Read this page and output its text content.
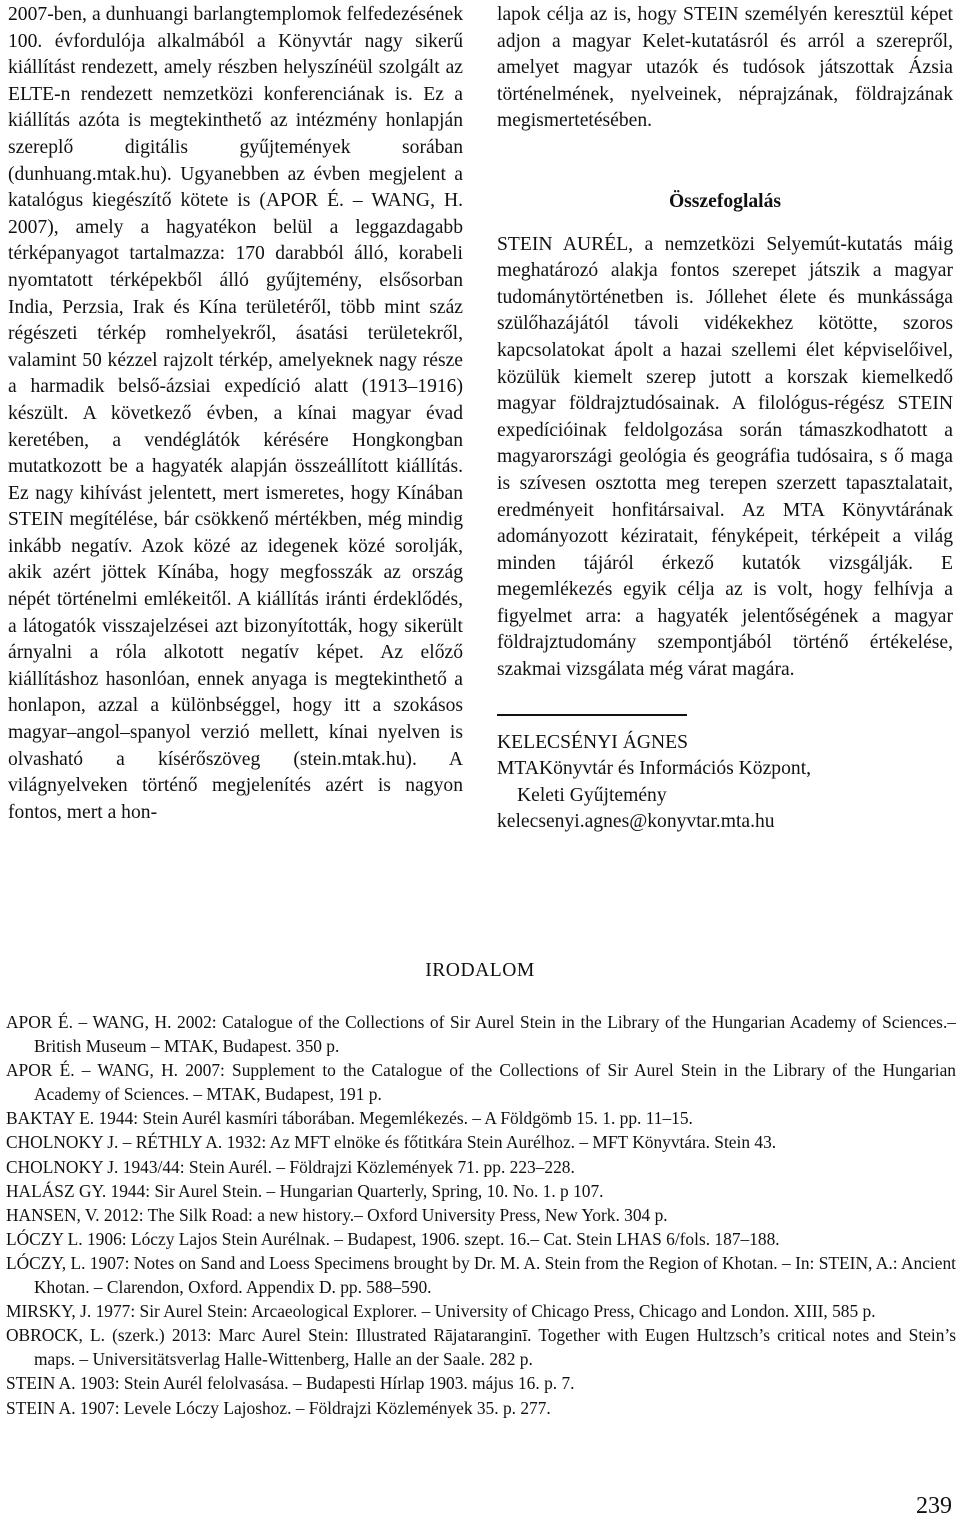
2007-ben, a dunhuangi barlangtemplomok felfedezésének 100. évfordulója alkalmából a Könyvtár nagy sikerű kiállítást rendezett, amely részben helyszínéül szolgált az ELTE-n rendezett nemzetközi konferenciának is. Ez a kiállítás azóta is megtekinthető az intézmény honlapján szereplő digitális gyűjtemények sorában (dunhuang.mtak.hu). Ugyanebben az évben megjelent a katalógus kiegészítő kötete is (APOR É. – WANG, H. 2007), amely a hagyatékon belül a leggazdagabb térképanyagot tartalmazza: 170 darabból álló, korabeli nyomtatott térképekből álló gyűjtemény, elsősorban India, Perzsia, Irak és Kína területéről, több mint száz régészeti térkép romhelyekről, ásatási területekről, valamint 50 kézzel rajzolt térkép, amelyeknek nagy része a harmadik belső-ázsiai expedíció alatt (1913–1916) készült. A következő évben, a kínai magyar évad keretében, a vendéglátók kérésére Hongkongban mutatkozott be a hagyaték alapján összeállított kiállítás. Ez nagy kihívást jelentett, mert ismeretes, hogy Kínában STEIN megítélése, bár csökkenő mértékben, még mindig inkább negatív. Azok közé az idegenek közé sorolják, akik azért jöttek Kínába, hogy megfosszák az ország népét történelmi emlékeitől. A kiállítás iránti érdeklődés, a látogatók visszajelzései azt bizonyították, hogy sikerült árnyalni a róla alkotott negatív képet. Az előző kiállításhoz hasonlóan, ennek anyaga is megtekinthető a honlapon, azzal a különbséggel, hogy itt a szokásos magyar–angol–spanyol verzió mellett, kínai nyelven is olvasható a kísérőszöveg (stein.mtak.hu). A világnyelveken történő megjelenítés azért is nagyon fontos, mert a hon-

lapok célja az is, hogy STEIN személyén keresztül képet adjon a magyar Kelet-kutatásról és arról a szerepről, amelyet magyar utazók és tudósok játszottak Ázsia történelmének, nyelveinek, néprajzának, földrajzának megismertetésében.

Összefoglalás

STEIN AURÉL, a nemzetközi Selyemút-kutatás máig meghatározó alakja fontos szerepet játszik a magyar tudománytörténetben is. Jóllehet élete és munkássága szülőhazájától távoli vidékekhez kötötte, szoros kapcsolatokat ápolt a hazai szellemi élet képviselőivel, közülük kiemelt szerep jutott a korszak kiemelkedő magyar földrajztudósainak. A filológus-régész STEIN expedícióinak feldolgozása során támaszkodhatott a magyarországi geológia és geográfia tudósaira, s ő maga is szívesen osztotta meg terepen szerzett tapasztalatait, eredményeit honfitársaival. Az MTA Könyvtárának adományozott kéziratait, fényképeit, térképeit a világ minden tájáról érkező kutatók vizsgálják. E megemlékezés egyik célja az is volt, hogy felhívja a figyelmet arra: a hagyaték jelentőségének a magyar földrajztudomány szempontjából történő értékelése, szakmai vizsgálata még várat magára.

KELECSÉNYI ÁGNES

MTAKönyvtár és Információs Központ,

Keleti Gyűjtemény

kelecsenyi.agnes@konyvtar.mta.hu

IRODALOM

APOR É. – WANG, H. 2002: Catalogue of the Collections of Sir Aurel Stein in the Library of the Hungarian Academy of Sciences.– British Museum – MTAK, Budapest. 350 p.

APOR É. – WANG, H. 2007: Supplement to the Catalogue of the Collections of Sir Aurel Stein in the Library of the Hungarian Academy of Sciences. – MTAK, Budapest, 191 p.

BAKTAY E. 1944: Stein Aurél kasmíri táborában. Megemlékezés. – A Földgömb 15. 1. pp. 11–15.

CHOLNOKY J. – RÉTHLY A. 1932: Az MFT elnöke és főtitkára Stein Aurélhoz. – MFT Könyvtára. Stein 43.

CHOLNOKY J. 1943/44: Stein Aurél. – Földrajzi Közlemények 71. pp. 223–228.

HALÁSZ GY. 1944: Sir Aurel Stein. – Hungarian Quarterly, Spring, 10. No. 1. p 107.

HANSEN, V. 2012: The Silk Road: a new history.– Oxford University Press, New York. 304 p.

LÓCZY L. 1906: Lóczy Lajos Stein Aurélnak. – Budapest, 1906. szept. 16.– Cat. Stein LHAS 6/fols. 187–188.

LÓCZY, L. 1907: Notes on Sand and Loess Specimens brought by Dr. M. A. Stein from the Region of Khotan. – In: STEIN, A.: Ancient Khotan. – Clarendon, Oxford. Appendix D. pp. 588–590.

MIRSKY, J. 1977: Sir Aurel Stein: Arcaeological Explorer. – University of Chicago Press, Chicago and London. XIII, 585 p.

OBROCK, L. (szerk.) 2013: Marc Aurel Stein: Illustrated Rājataranginī. Together with Eugen Hultzsch’s critical notes and Stein’s maps. – Universitätsverlag Halle-Wittenberg, Halle an der Saale. 282 p.

STEIN A. 1903: Stein Aurél felolvasása. – Budapesti Hírlap 1903. május 16. p. 7.

STEIN A. 1907: Levele Lóczy Lajoshoz. – Földrajzi Közlemények 35. p. 277.

239
